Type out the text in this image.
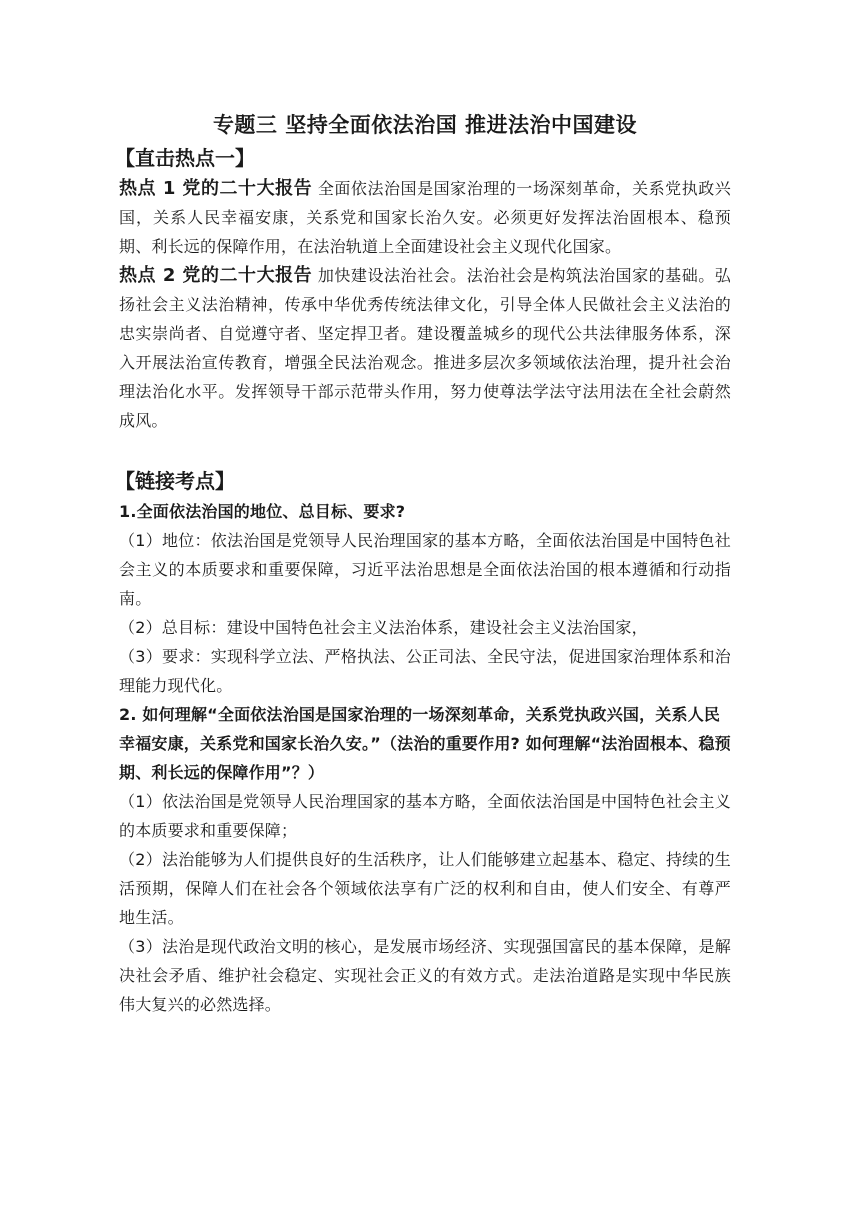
专题三 坚持全面依法治国 推进法治中国建设
【直击热点一】

热点 1 党的二十大报告 全面依法治国是国家治理的一场深刻革命，关系党执政兴国，关系人民幸福安康，关系党和国家长治久安。必须更好发挥法治固根本、稳预期、利长远的保障作用，在法治轨道上全面建设社会主义现代化国家。

热点 2 党的二十大报告 加快建设法治社会。法治社会是构筑法治国家的基础。弘扬社会主义法治精神，传承中华优秀传统法律文化，引导全体人民做社会主义法治的忠实崇尚者、自觉遵守者、坚定捍卫者。建设覆盖城乡的现代公共法律服务体系，深入开展法治宣传教育，增强全民法治观念。推进多层次多领域依法治理，提升社会治理法治化水平。发挥领导干部示范带头作用，努力使尊法学法守法用法在全社会蔚然成风。

【链接考点】

1.全面依法治国的地位、总目标、要求?

（1）地位：依法治国是党领导人民治理国家的基本方略，全面依法治国是中国特色社会主义的本质要求和重要保障，习近平法治思想是全面依法治国的根本遵循和行动指南。

（2）总目标：建设中国特色社会主义法治体系，建设社会主义法治国家，

（3）要求：实现科学立法、严格执法、公正司法、全民守法，促进国家治理体系和治理能力现代化。

2. 如何理解“全面依法治国是国家治理的一场深刻革命，关系党执政兴国，关系人民幸福安康，关系党和国家长治久安。”（法治的重要作用? 如何理解“法治固根本、稳预期、利长远的保障作用”？）

（1）依法治国是党领导人民治理国家的基本方略，全面依法治国是中国特色社会主义的本质要求和重要保障；

（2）法治能够为人们提供良好的生活秩序，让人们能够建立起基本、稳定、持续的生活预期，保障人们在社会各个领域依法享有广泛的权利和自由，使人们安全、有尊严地生活。

（3）法治是现代政治文明的核心，是发展市场经济、实现强国富民的基本保障，是解决社会矛盾、维护社会稳定、实现社会正义的有效方式。走法治道路是实现中华民族伟大复兴的必然选择。
